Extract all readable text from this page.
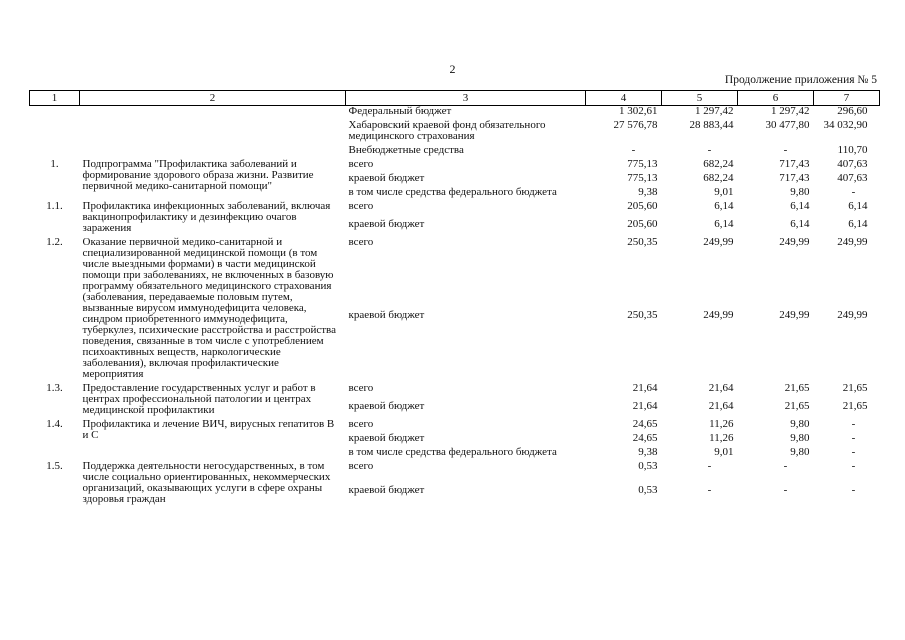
2
Продолжение приложения № 5
1	2	3	4	5	6	7
		Федеральный бюджет	1 302,61	1 297,42	1 297,42	296,60
		Хабаровский краевой фонд обязательного медицинского страхования	27 576,78	28 883,44	30 477,80	34 032,90
		Внебюджетные средства	-	-	-	110,70
1.	Подпрограмма "Профилактика заболеваний и формирование здорового образа жизни. Развитие первичной медико-санитарной помощи"	всего	775,13	682,24	717,43	407,63
		краевой бюджет	775,13	682,24	717,43	407,63
		в том числе средства федерального бюджета	9,38	9,01	9,80	-
1.1.	Профилактика инфекционных заболеваний, включая вакцинопрофилактику и дезинфекцию очагов заражения	всего	205,60	6,14	6,14	6,14
		краевой бюджет	205,60	6,14	6,14	6,14
1.2.	Оказание первичной медико-санитарной и специализированной медицинской помощи (в том числе выездными формами) в части медицинской помощи при заболеваниях, не включенных в базовую программу обязательного медицинского страхования (заболевания, передаваемые половым путем, вызванные вирусом иммунодефицита человека, синдром приобретенного иммунодефицита, туберкулез, психические расстройства и расстройства поведения, связанные в том числе с употреблением психоактивных веществ, наркологические заболевания), включая профилактические мероприятия	всего	250,35	249,99	249,99	249,99
		краевой бюджет	250,35	249,99	249,99	249,99
1.3.	Предоставление государственных услуг и работ в центрах профессиональной патологии и центрах медицинской профилактики	всего	21,64	21,64	21,65	21,65
		краевой бюджет	21,64	21,64	21,65	21,65
1.4.	Профилактика и лечение ВИЧ, вирусных гепатитов В и С	всего	24,65	11,26	9,80	-
		краевой бюджет	24,65	11,26	9,80	-
		в том числе средства федерального бюджета	9,38	9,01	9,80	-
1.5.	Поддержка деятельности негосударственных, в том числе социально ориентированных, некоммерческих организаций, оказывающих услуги в сфере охраны здоровья граждан	всего	0,53	-	-	-
		краевой бюджет	0,53	-	-	-
